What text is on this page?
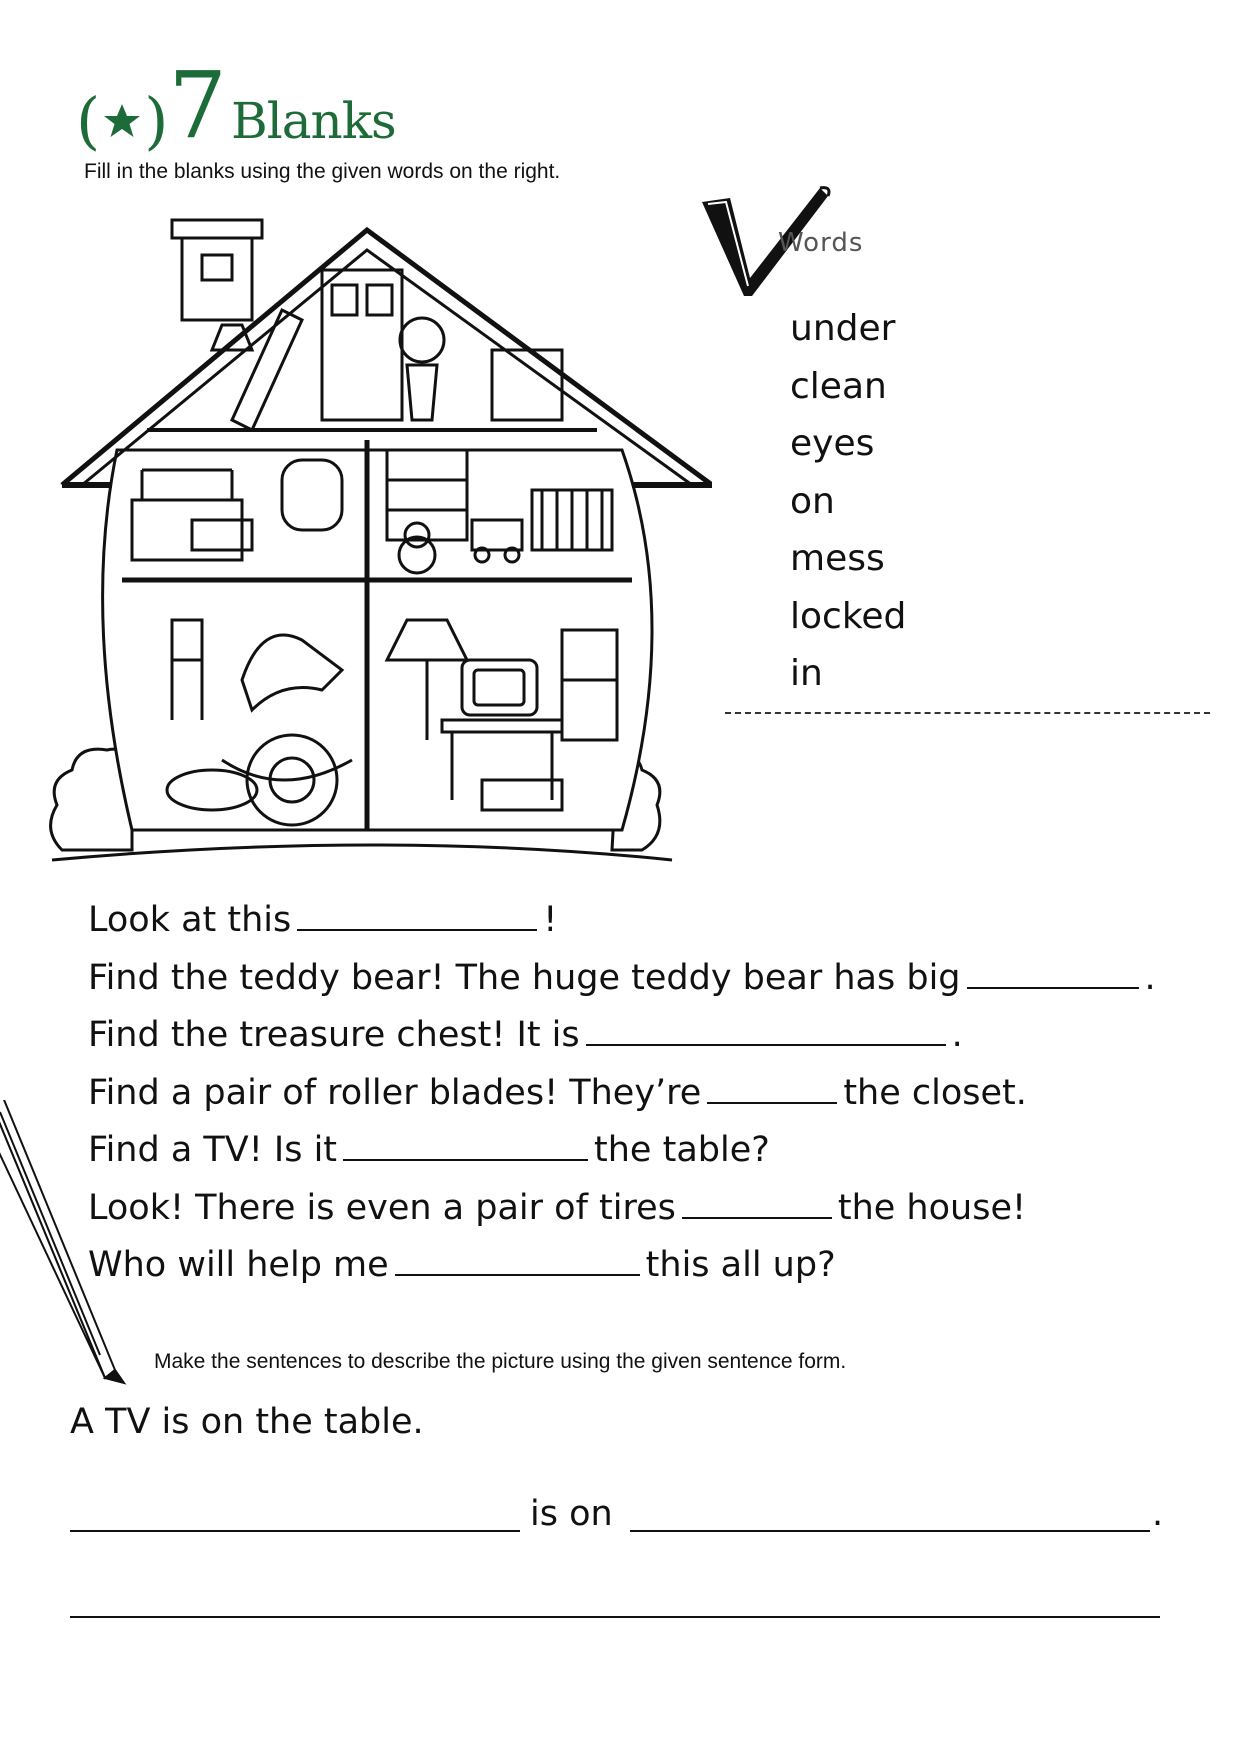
( ) 7 Blanks
Fill in the blanks using the given words on the right.
Words
under
clean
eyes
on
mess
locked
in
Look at this	!
Find the teddy bear! The huge teddy bear has big	.
Find the treasure chest! It is	.
Find a pair of roller blades! They’re	the closet.
Find a TV! Is it	the table?
Look! There is even a pair of tires	the house!
Who will help me	this all up?
Make the sentences to describe the picture using the given sentence form.
A TV is on the table.
is on	.
